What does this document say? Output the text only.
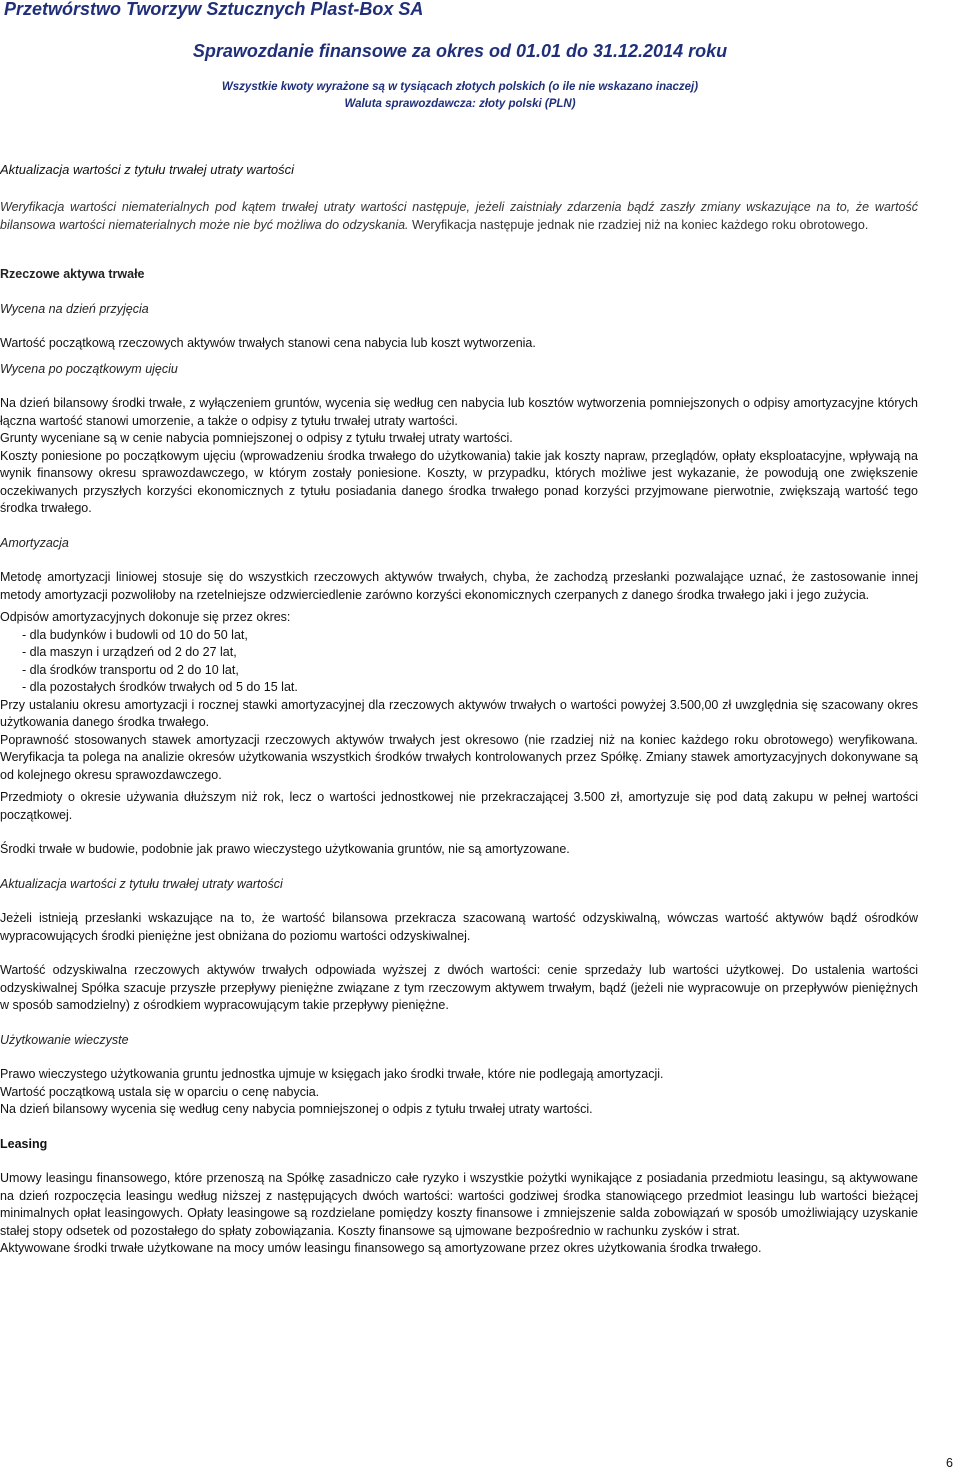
Przetwórstwo Tworzyw Sztucznych Plast-Box SA
Sprawozdanie finansowe za okres od 01.01 do 31.12.2014 roku
Wszystkie kwoty wyrażone są w tysiącach złotych polskich (o ile nie wskazano inaczej)
Waluta sprawozdawcza: złoty polski (PLN)
Aktualizacja wartości z tytułu trwałej utraty wartości

Weryfikacja wartości niematerialnych pod kątem trwałej utraty wartości następuje, jeżeli zaistniały zdarzenia bądź zaszły zmiany wskazujące na to, że wartość bilansowa wartości niematerialnych może nie być możliwa do odzyskania. Weryfikacja następuje jednak nie rzadziej niż na koniec każdego roku obrotowego.

Rzeczowe aktywa trwałe

Wycena na dzień przyjęcia

Wartość początkową rzeczowych aktywów trwałych stanowi cena nabycia lub koszt wytworzenia.

Wycena po początkowym ujęciu

Na dzień bilansowy środki trwałe, z wyłączeniem gruntów, wycenia się według cen nabycia lub kosztów wytworzenia pomniejszonych o odpisy amortyzacyjne których łączna wartość stanowi umorzenie, a także o odpisy z tytułu trwałej utraty wartości.

Grunty wyceniane są w cenie nabycia pomniejszonej o odpisy z tytułu trwałej utraty wartości.

Koszty poniesione po początkowym ujęciu (wprowadzeniu środka trwałego do użytkowania) takie jak koszty napraw, przeglądów, opłaty eksploatacyjne, wpływają na wynik finansowy okresu sprawozdawczego, w którym zostały poniesione. Koszty, w przypadku, których możliwe jest wykazanie, że powodują one zwiększenie oczekiwanych przyszłych korzyści ekonomicznych z tytułu posiadania danego środka trwałego ponad korzyści przyjmowane pierwotnie, zwiększają wartość tego środka trwałego.

Amortyzacja

Metodę amortyzacji liniowej stosuje się do wszystkich rzeczowych aktywów trwałych, chyba, że zachodzą przesłanki pozwalające uznać, że zastosowanie innej metody amortyzacji pozwoliłoby na rzetelniejsze odzwierciedlenie zarówno korzyści ekonomicznych czerpanych z danego środka trwałego jaki i jego zużycia.

Odpisów amortyzacyjnych dokonuje się przez okres:

- dla budynków i budowli od 10 do 50 lat,

- dla maszyn i urządzeń od 2 do 27 lat,

- dla środków transportu od 2 do 10 lat,

- dla pozostałych środków trwałych od 5 do 15 lat.

Przy ustalaniu okresu amortyzacji i rocznej stawki amortyzacyjnej dla rzeczowych aktywów trwałych o wartości powyżej 3.500,00 zł uwzględnia się szacowany okres użytkowania danego środka trwałego.

Poprawność stosowanych stawek amortyzacji rzeczowych aktywów trwałych jest okresowo (nie rzadziej niż na koniec każdego roku obrotowego) weryfikowana. Weryfikacja ta polega na analizie okresów użytkowania wszystkich środków trwałych kontrolowanych przez Spółkę. Zmiany stawek amortyzacyjnych dokonywane są od kolejnego okresu sprawozdawczego.

Przedmioty o okresie używania dłuższym niż rok, lecz o wartości jednostkowej nie przekraczającej 3.500 zł, amortyzuje się pod datą zakupu w pełnej wartości początkowej.

Środki trwałe w budowie, podobnie jak prawo wieczystego użytkowania gruntów, nie są amortyzowane.

Aktualizacja wartości z tytułu trwałej utraty wartości

Jeżeli istnieją przesłanki wskazujące na to, że wartość bilansowa przekracza szacowaną wartość odzyskiwalną, wówczas wartość aktywów bądź ośrodków wypracowujących środki pieniężne jest obniżana do poziomu wartości odzyskiwalnej.

Wartość odzyskiwalna rzeczowych aktywów trwałych odpowiada wyższej z dwóch wartości: cenie sprzedaży lub wartości użytkowej. Do ustalenia wartości odzyskiwalnej Spółka szacuje przyszłe przepływy pieniężne związane z tym rzeczowym aktywem trwałym, bądź (jeżeli nie wypracowuje on przepływów pieniężnych w sposób samodzielny) z ośrodkiem wypracowującym takie przepływy pieniężne.

Użytkowanie wieczyste

Prawo wieczystego użytkowania gruntu jednostka ujmuje w księgach jako środki trwałe, które nie podlegają amortyzacji.

Wartość początkową ustala się w oparciu o cenę nabycia.

Na dzień bilansowy wycenia się według ceny nabycia pomniejszonej o odpis z tytułu trwałej utraty wartości.

Leasing

Umowy leasingu finansowego, które przenoszą na Spółkę zasadniczo całe ryzyko i wszystkie pożytki wynikające z posiadania przedmiotu leasingu, są aktywowane na dzień rozpoczęcia leasingu według niższej z następujących dwóch wartości: wartości godziwej środka stanowiącego przedmiot leasingu lub wartości bieżącej minimalnych opłat leasingowych. Opłaty leasingowe są rozdzielane pomiędzy koszty finansowe i zmniejszenie salda zobowiązań w sposób umożliwiający uzyskanie stałej stopy odsetek od pozostałego do spłaty zobowiązania. Koszty finansowe są ujmowane bezpośrednio w rachunku zysków i strat.

Aktywowane środki trwałe użytkowane na mocy umów leasingu finansowego są amortyzowane przez okres użytkowania środka trwałego.

6
